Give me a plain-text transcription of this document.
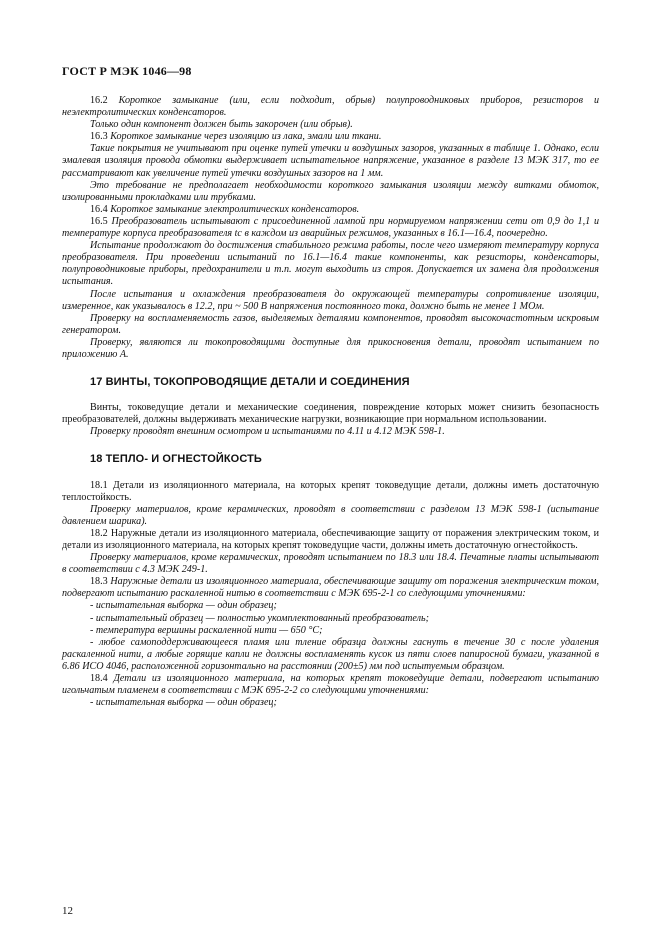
ГОСТ Р МЭК 1046—98

16.2 Короткое замыкание (или, если подходит, обрыв) полупроводниковых приборов, резисторов и неэлектролитических конденсаторов.

Только один компонент должен быть закорочен (или обрыв).

16.3 Короткое замыкание через изоляцию из лака, эмали или ткани.

Такие покрытия не учитывают при оценке путей утечки и воздушных зазоров, указанных в таблице 1. Однако, если эмалевая изоляция провода обмотки выдерживает испытательное напряжение, указанное в разделе 13 МЭК 317, то ее рассматривают как увеличение путей утечки воздушных зазоров на 1 мм.

Это требование не предполагает необходимости короткого замыкания изоляции между витками обмоток, изолированными прокладками или трубками.

16.4 Короткое замыкание электролитических конденсаторов.

16.5 Преобразователь испытывают с присоединенной лампой при нормируемом напряжении сети от 0,9 до 1,1 и температуре корпуса преобразователя tc в каждом из аварийных режимов, указанных в 16.1—16.4, поочередно.

Испытание продолжают до достижения стабильного режима работы, после чего измеряют температуру корпуса преобразователя. При проведении испытаний по 16.1—16.4 такие компоненты, как резисторы, конденсаторы, полупроводниковые приборы, предохранители и т.п. могут выходить из строя. Допускается их замена для продолжения испытания.

После испытания и охлаждения преобразователя до окружающей температуры сопротивление изоляции, измеренное, как указывалось в 12.2, при ~ 500 В напряжения постоянного тока, должно быть не менее 1 МОм.

Проверку на воспламеняемость газов, выделяемых деталями компонентов, проводят высокочастотным искровым генератором.

Проверку, являются ли токопроводящими доступные для прикосновения детали, проводят испытанием по приложению А.

17 ВИНТЫ, ТОКОПРОВОДЯЩИЕ ДЕТАЛИ И СОЕДИНЕНИЯ

Винты, токоведущие детали и механические соединения, повреждение которых может снизить безопасность преобразователей, должны выдерживать механические нагрузки, возникающие при нормальном использовании.

Проверку проводят внешним осмотром и испытаниями по 4.11 и 4.12 МЭК 598-1.

18 ТЕПЛО- И ОГНЕСТОЙКОСТЬ

18.1 Детали из изоляционного материала, на которых крепят токоведущие детали, должны иметь достаточную теплостойкость.

Проверку материалов, кроме керамических, проводят в соответствии с разделом 13 МЭК 598-1 (испытание давлением шарика).

18.2 Наружные детали из изоляционного материала, обеспечивающие защиту от поражения электрическим током, и детали из изоляционного материала, на которых крепят токоведущие части, должны иметь достаточную огнестойкость.

Проверку материалов, кроме керамических, проводят испытанием по 18.3 или 18.4. Печатные платы испытывают в соответствии с 4.3 МЭК 249-1.

18.3 Наружные детали из изоляционного материала, обеспечивающие защиту от поражения электрическим током, подвергают испытанию раскаленной нитью в соответствии с МЭК 695-2-1 со следующими уточнениями:

- испытательная выборка — один образец;

- испытательный образец — полностью укомплектованный преобразователь;

- температура вершины раскаленной нити — 650 °С;

- любое самоподдерживающееся пламя или тление образца должны гаснуть в течение 30 с после удаления раскаленной нити, а любые горящие капли не должны воспламенять кусок из пяти слоев папиросной бумаги, указанной в 6.86 ИСО 4046, расположенной горизонтально на расстоянии (200±5) мм под испытуемым образцом.

18.4 Детали из изоляционного материала, на которых крепят токоведущие детали, подвергают испытанию игольчатым пламенем в соответствии с МЭК 695-2-2 со следующими уточнениями:

- испытательная выборка — один образец;

12
